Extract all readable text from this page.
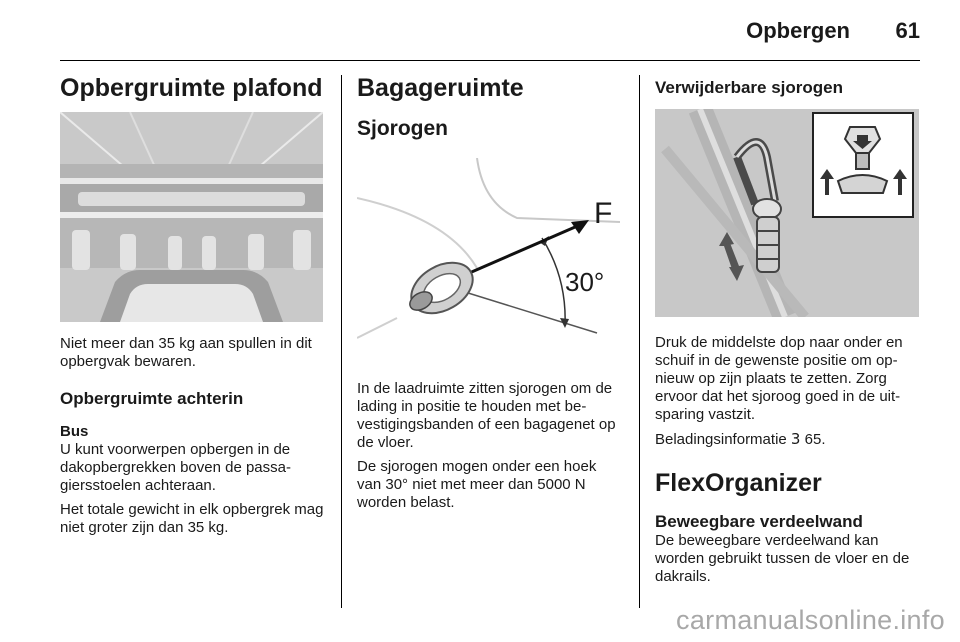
Opbergen	61
Opbergruimte plafond

Niet meer dan 35 kg aan spullen in dit opbergvak bewaren.

Opbergruimte achterin
Bus

U kunt voorwerpen opbergen in de dakopbergrekken boven de passa-giersstoelen achteraan.

Het totale gewicht in elk opbergrek mag niet groter zijn dan 35 kg.

Bagageruimte
Sjorogen
F
30°

In de laadruimte zitten sjorogen om de lading in positie te houden met be-vestigingsbanden of een bagagenet op de vloer.

De sjorogen mogen onder een hoek van 30° niet met meer dan 5000 N worden belast.

Verwijderbare sjorogen

Druk de middelste dop naar onder en schuif in de gewenste positie om op-nieuw op zijn plaats te zetten. Zorg ervoor dat het sjoroog goed in de uit-sparing vastzit.

Beladingsinformatie 3 65.

FlexOrganizer
Beweegbare verdeelwand

De beweegbare verdeelwand kan worden gebruikt tussen de vloer en de dakrails.

carmanualsonline.info
